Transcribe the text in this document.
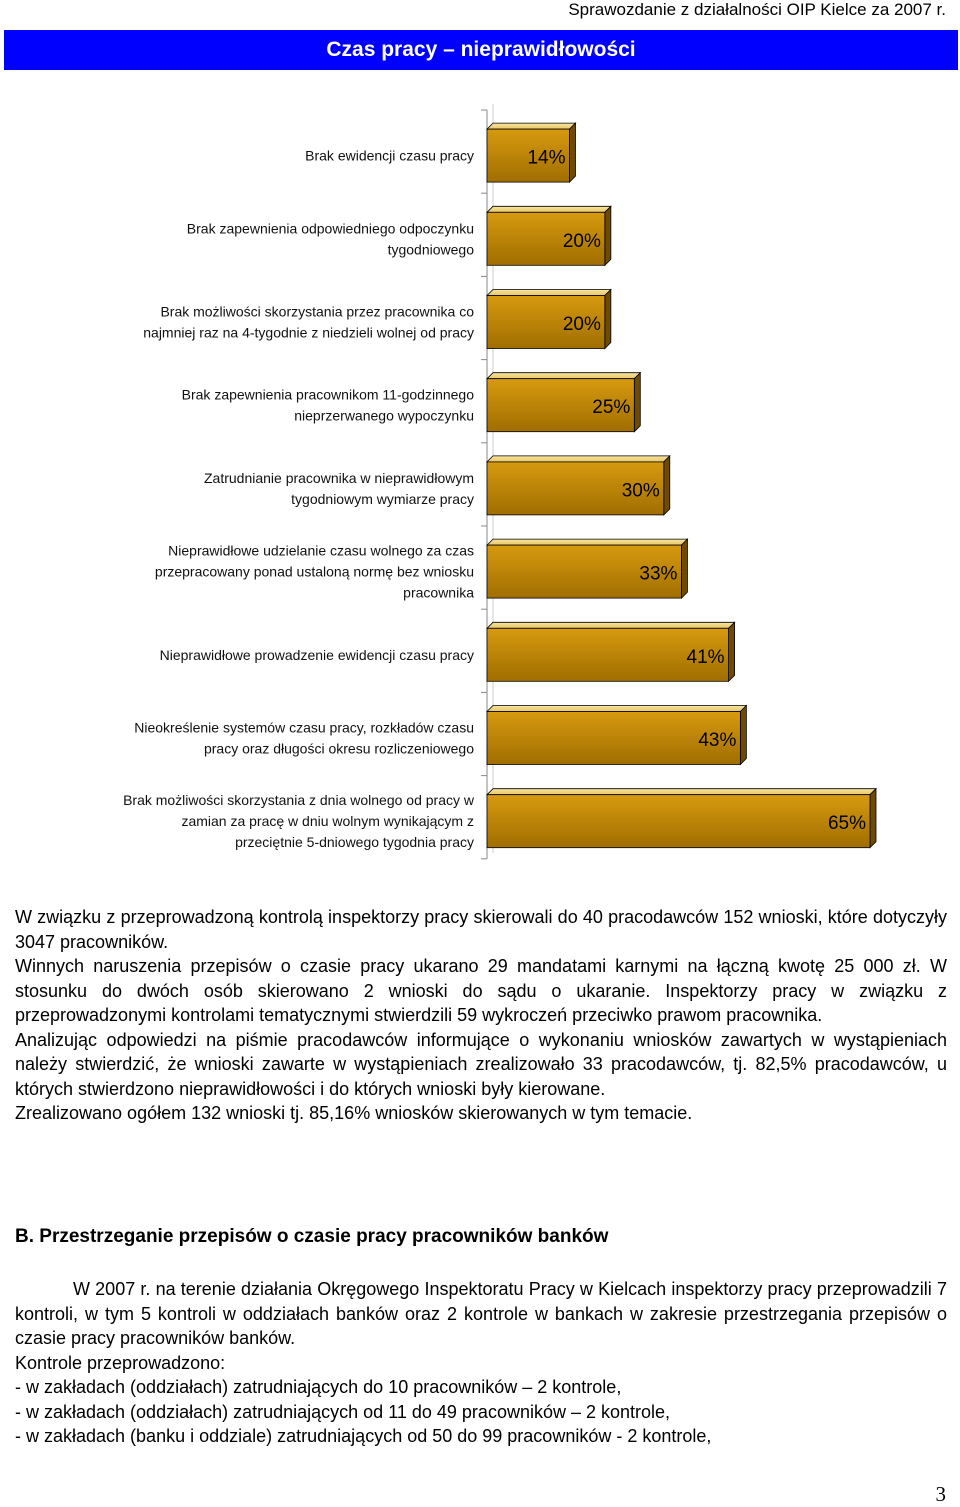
Sprawozdanie z działalności OIP Kielce za 2007 r.
Czas pracy – nieprawidłowości
14%
Brak ewidencji czasu pracy
20%
Brak zapewnienia odpowiedniego odpoczynku tygodniowego
20%
Brak możliwości skorzystania przez pracownika co najmniej raz na 4-tygodnie z niedzieli wolnej od pracy
25%
Brak zapewnienia pracownikom 11-godzinnego nieprzerwanego wypoczynku
30%
Zatrudnianie pracownika w nieprawidłowym tygodniowym wymiarze pracy
33%
Nieprawidłowe udzielanie czasu wolnego za czas przepracowany ponad ustaloną normę bez wniosku pracownika
41%
Nieprawidłowe prowadzenie ewidencji czasu pracy
43%
Nieokreślenie systemów czasu pracy, rozkładów czasu pracy oraz długości okresu rozliczeniowego
65%
Brak możliwości skorzystania z dnia wolnego od pracy w zamian za pracę w dniu wolnym wynikającym z przeciętnie 5-dniowego tygodnia pracy

W związku z przeprowadzoną kontrolą inspektorzy pracy skierowali do 40 pracodawców 152 wnioski, które dotyczyły 3047 pracowników.

Winnych naruszenia przepisów o czasie pracy ukarano 29 mandatami karnymi na łączną kwotę 25 000 zł. W stosunku do dwóch osób skierowano 2 wnioski do sądu o ukaranie. Inspektorzy pracy w związku z przeprowadzonymi kontrolami tematycznymi stwierdzili 59 wykroczeń przeciwko prawom pracownika.

Analizując odpowiedzi na piśmie pracodawców informujące o wykonaniu wniosków zawartych w wystąpieniach należy stwierdzić, że wnioski zawarte w wystąpieniach zrealizowało 33 pracodawców, tj. 82,5% pracodawców, u których stwierdzono nieprawidłowości i do których wnioski były kierowane.

Zrealizowano ogółem 132 wnioski tj. 85,16% wniosków skierowanych w tym temacie.

B. Przestrzeganie przepisów o czasie pracy pracowników banków

W 2007 r. na terenie działania Okręgowego Inspektoratu Pracy w Kielcach inspektorzy pracy przeprowadzili 7 kontroli, w tym 5 kontroli w oddziałach banków oraz 2 kontrole w bankach w zakresie przestrzegania przepisów o czasie pracy pracowników banków.

Kontrole przeprowadzono:

- w zakładach (oddziałach) zatrudniających do 10 pracowników – 2 kontrole,

- w zakładach (oddziałach) zatrudniających od 11 do 49 pracowników – 2 kontrole,

- w zakładach (banku i oddziale) zatrudniających od 50 do 99 pracowników - 2 kontrole,

3
